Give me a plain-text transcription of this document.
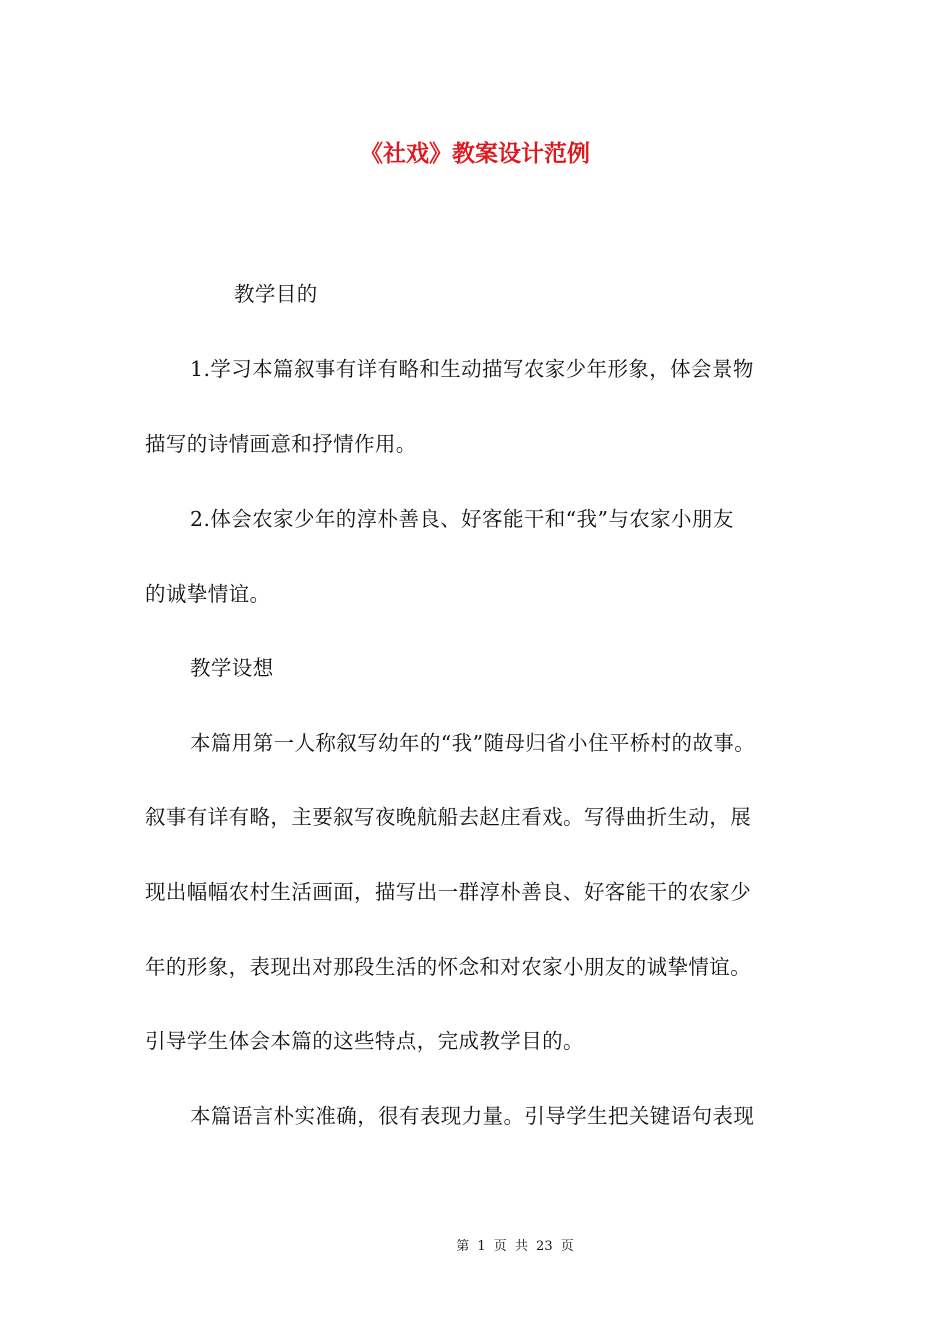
《社戏》教案设计范例
教学目的
1.学习本篇叙事有详有略和生动描写农家少年形象，体会景物
描写的诗情画意和抒情作用。
2.体会农家少年的淳朴善良、好客能干和“我”与农家小朋友
的诚挚情谊。
教学设想
本篇用第一人称叙写幼年的“我”随母归省小住平桥村的故事。
叙事有详有略，主要叙写夜晚航船去赵庄看戏。写得曲折生动，展
现出幅幅农村生活画面，描写出一群淳朴善良、好客能干的农家少
年的形象，表现出对那段生活的怀念和对农家小朋友的诚挚情谊。
引导学生体会本篇的这些特点，完成教学目的。
本篇语言朴实准确，很有表现力量。引导学生把关键语句表现
第 1 页 共 23 页
